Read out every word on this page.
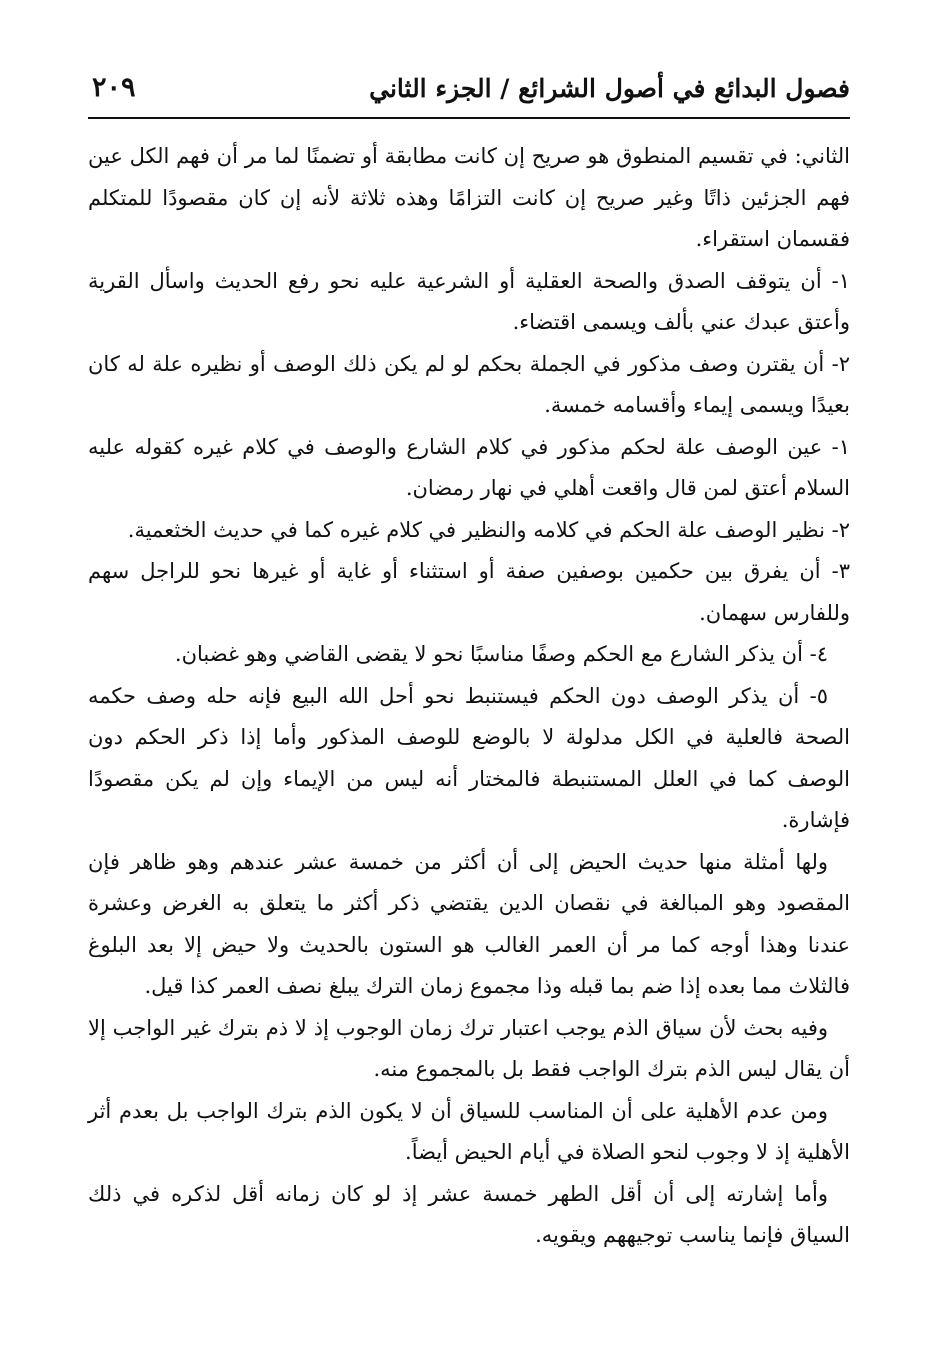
فصول البدائع في أصول الشرائع / الجزء الثاني
٢٠٩

الثاني: في تقسيم المنطوق هو صريح إن كانت مطابقة أو تضمنًا لما مر أن فهم الكل عين فهم الجزئين ذاتًا وغير صريح إن كانت التزامًا وهذه ثلاثة لأنه إن كان مقصودًا للمتكلم فقسمان استقراء.

١- أن يتوقف الصدق والصحة العقلية أو الشرعية عليه نحو رفع الحديث واسأل القرية وأعتق عبدك عني بألف ويسمى اقتضاء.

٢- أن يقترن وصف مذكور في الجملة بحكم لو لم يكن ذلك الوصف أو نظيره علة له كان بعيدًا ويسمى إيماء وأقسامه خمسة.

١- عين الوصف علة لحكم مذكور في كلام الشارع والوصف في كلام غيره كقوله عليه السلام أعتق لمن قال واقعت أهلي في نهار رمضان.

٢- نظير الوصف علة الحكم في كلامه والنظير في كلام غيره كما في حديث الخثعمية.

٣- أن يفرق بين حكمين بوصفين صفة أو استثناء أو غاية أو غيرها نحو للراجل سهم وللفارس سهمان.

٤- أن يذكر الشارع مع الحكم وصفًا مناسبًا نحو لا يقضى القاضي وهو غضبان.

٥- أن يذكر الوصف دون الحكم فيستنبط نحو أحل الله البيع فإنه حله وصف حكمه الصحة فالعلية في الكل مدلولة لا بالوضع للوصف المذكور وأما إذا ذكر الحكم دون الوصف كما في العلل المستنبطة فالمختار أنه ليس من الإيماء وإن لم يكن مقصودًا فإشارة.

ولها أمثلة منها حديث الحيض إلى أن أكثر من خمسة عشر عندهم وهو ظاهر فإن المقصود وهو المبالغة في نقصان الدين يقتضي ذكر أكثر ما يتعلق به الغرض وعشرة عندنا وهذا أوجه كما مر أن العمر الغالب هو الستون بالحديث ولا حيض إلا بعد البلوغ فالثلاث مما بعده إذا ضم بما قبله وذا مجموع زمان الترك يبلغ نصف العمر كذا قيل.

وفيه بحث لأن سياق الذم يوجب اعتبار ترك زمان الوجوب إذ لا ذم بترك غير الواجب إلا أن يقال ليس الذم بترك الواجب فقط بل بالمجموع منه.

ومن عدم الأهلية على أن المناسب للسياق أن لا يكون الذم بترك الواجب بل بعدم أثر الأهلية إذ لا وجوب لنحو الصلاة في أيام الحيض أيضاً.

وأما إشارته إلى أن أقل الطهر خمسة عشر إذ لو كان زمانه أقل لذكره في ذلك السياق فإنما يناسب توجيههم ويقويه.
